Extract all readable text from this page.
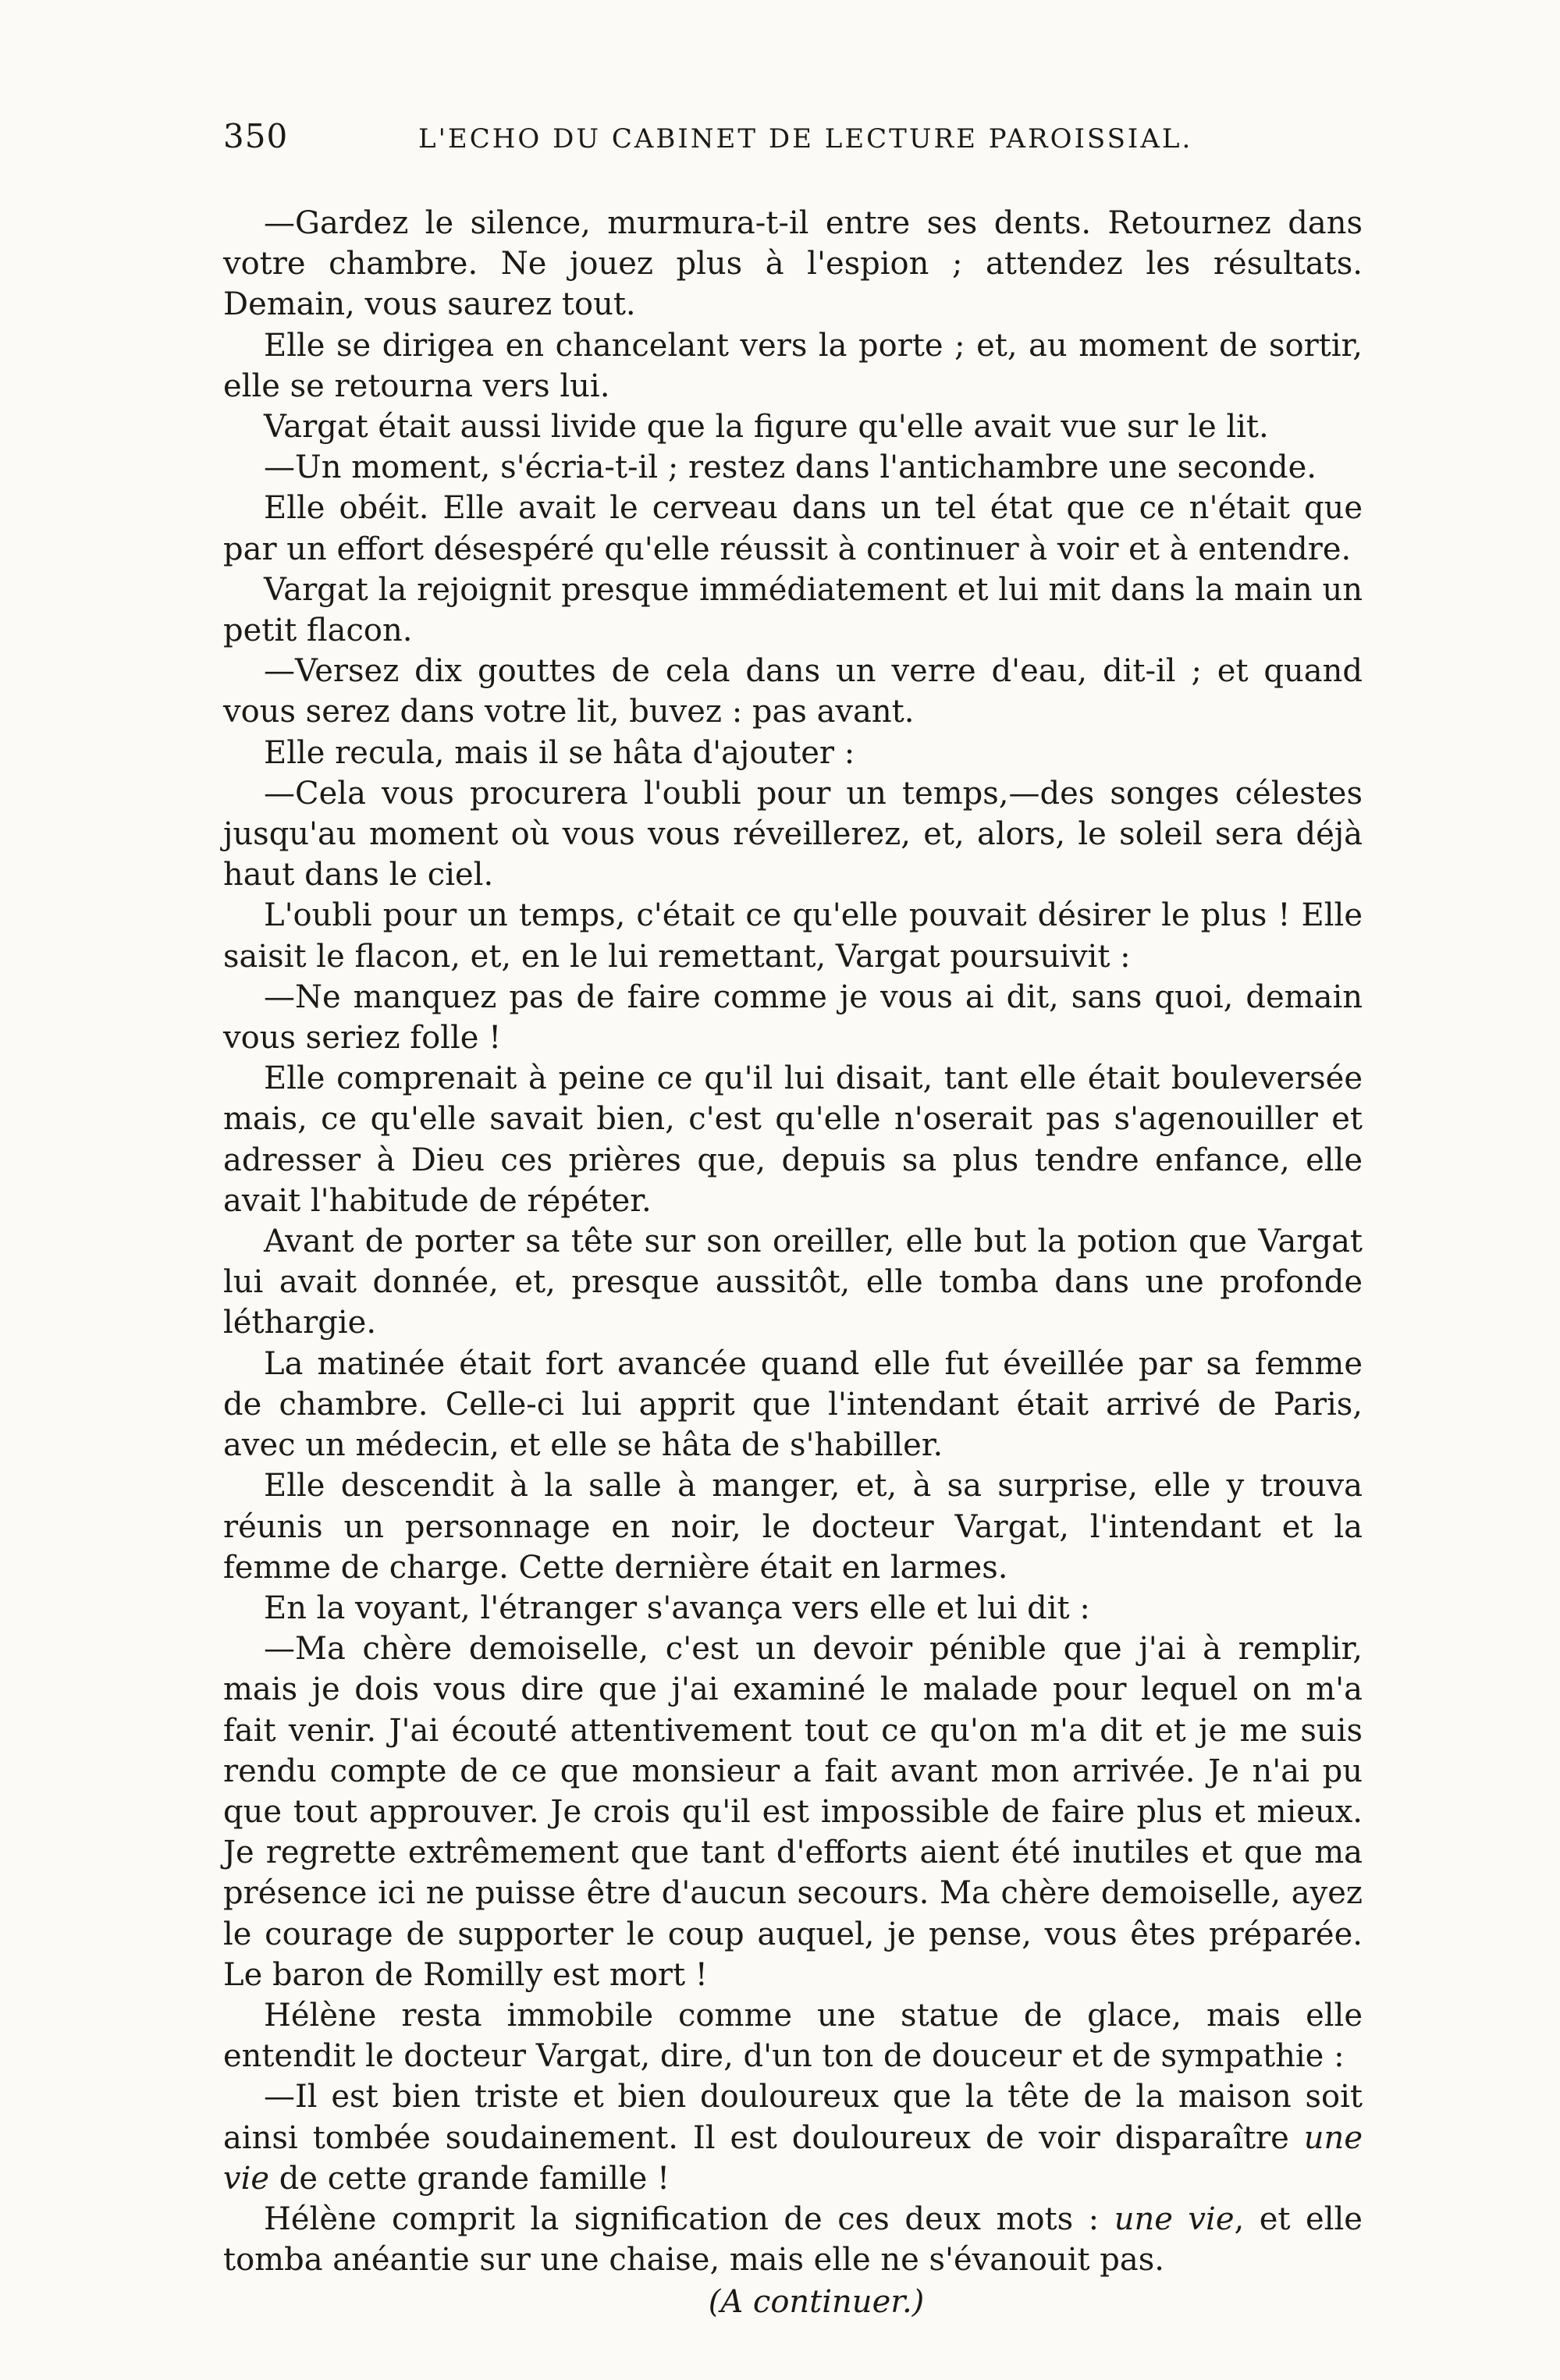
350	L'ECHO DU CABINET DE LECTURE PAROISSIAL.

—Gardez le silence, murmura-t-il entre ses dents. Retournez dans votre chambre. Ne jouez plus à l'espion ; attendez les résultats. Demain, vous saurez tout.

Elle se dirigea en chancelant vers la porte ; et, au moment de sortir, elle se retourna vers lui.

Vargat était aussi livide que la figure qu'elle avait vue sur le lit.

—Un moment, s'écria-t-il ; restez dans l'antichambre une seconde.

Elle obéit. Elle avait le cerveau dans un tel état que ce n'était que par un effort désespéré qu'elle réussit à continuer à voir et à entendre.

Vargat la rejoignit presque immédiatement et lui mit dans la main un petit flacon.

—Versez dix gouttes de cela dans un verre d'eau, dit-il ; et quand vous serez dans votre lit, buvez : pas avant.

Elle recula, mais il se hâta d'ajouter :

—Cela vous procurera l'oubli pour un temps,—des songes célestes jusqu'au moment où vous vous réveillerez, et, alors, le soleil sera déjà haut dans le ciel.

L'oubli pour un temps, c'était ce qu'elle pouvait désirer le plus ! Elle saisit le flacon, et, en le lui remettant, Vargat poursuivit :

—Ne manquez pas de faire comme je vous ai dit, sans quoi, demain vous seriez folle !

Elle comprenait à peine ce qu'il lui disait, tant elle était bouleversée mais, ce qu'elle savait bien, c'est qu'elle n'oserait pas s'agenouiller et adresser à Dieu ces prières que, depuis sa plus tendre enfance, elle avait l'habitude de répéter.

Avant de porter sa tête sur son oreiller, elle but la potion que Vargat lui avait donnée, et, presque aussitôt, elle tomba dans une profonde léthargie.

La matinée était fort avancée quand elle fut éveillée par sa femme de chambre. Celle-ci lui apprit que l'intendant était arrivé de Paris, avec un médecin, et elle se hâta de s'habiller.

Elle descendit à la salle à manger, et, à sa surprise, elle y trouva réunis un personnage en noir, le docteur Vargat, l'intendant et la femme de charge. Cette dernière était en larmes.

En la voyant, l'étranger s'avança vers elle et lui dit :

—Ma chère demoiselle, c'est un devoir pénible que j'ai à remplir, mais je dois vous dire que j'ai examiné le malade pour lequel on m'a fait venir. J'ai écouté attentivement tout ce qu'on m'a dit et je me suis rendu compte de ce que monsieur a fait avant mon arrivée. Je n'ai pu que tout approuver. Je crois qu'il est impossible de faire plus et mieux. Je regrette extrêmement que tant d'efforts aient été inutiles et que ma présence ici ne puisse être d'aucun secours. Ma chère demoiselle, ayez le courage de supporter le coup auquel, je pense, vous êtes préparée. Le baron de Romilly est mort !

Hélène resta immobile comme une statue de glace, mais elle entendit le docteur Vargat, dire, d'un ton de douceur et de sympathie :

—Il est bien triste et bien douloureux que la tête de la maison soit ainsi tombée soudainement. Il est douloureux de voir disparaître une vie de cette grande famille !

Hélène comprit la signification de ces deux mots : une vie, et elle tomba anéantie sur une chaise, mais elle ne s'évanouit pas.

(A continuer.)
